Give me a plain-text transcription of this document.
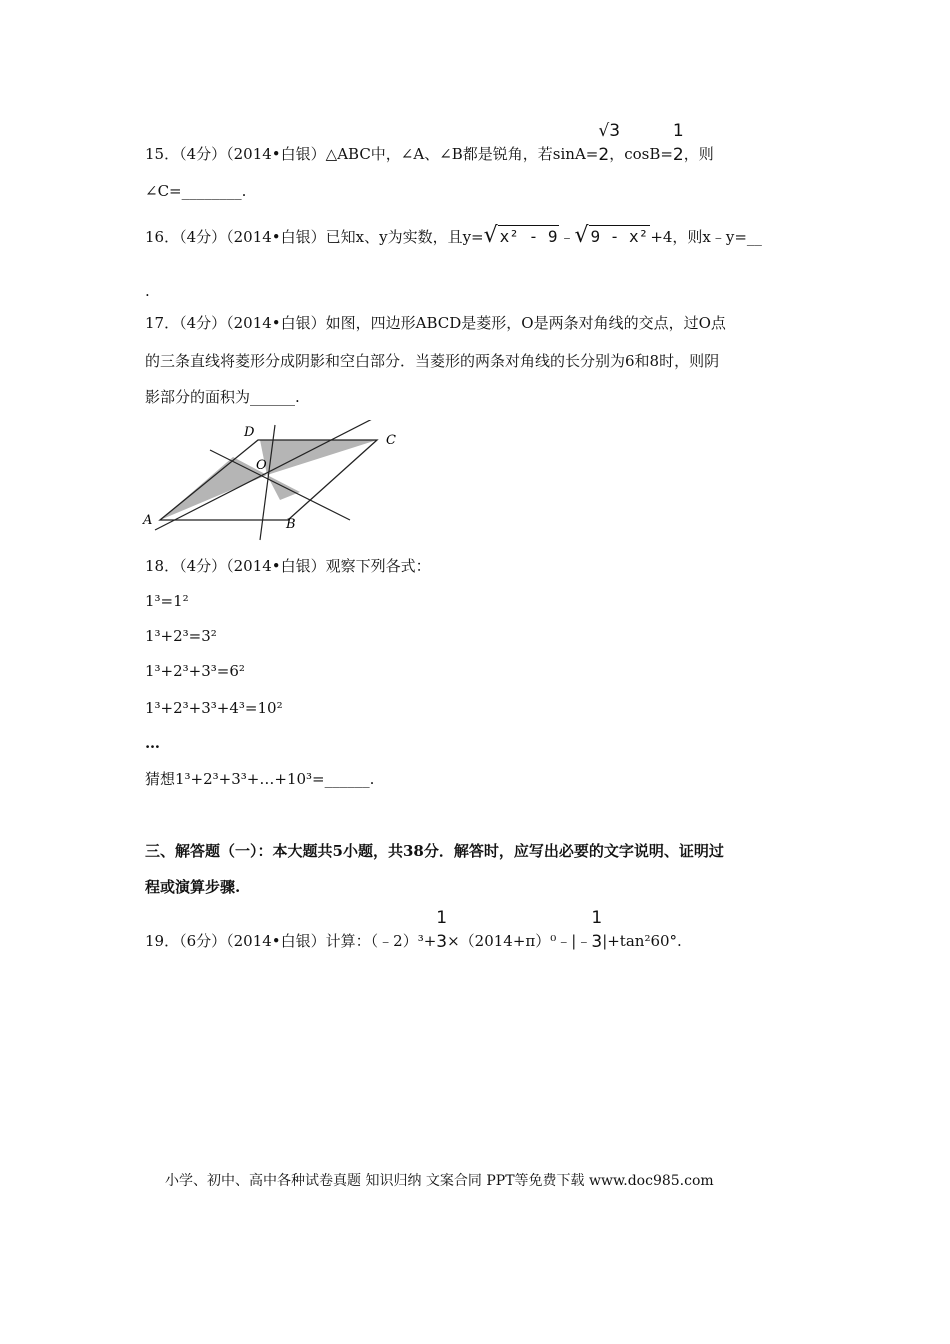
15．（4分）（2014•白银）△ABC中，∠A、∠B都是锐角，若sinA=
√3
2，cosB=
1
2，则
∠C=________.
16．（4分）（2014•白银）已知x、y为实数，且y=√ x² - 9 ﹣√ 9 - x² +4，则x﹣y=__
.
17．（4分）（2014•白银）如图，四边形ABCD是菱形，O是两条对角线的交点，过O点
的三条直线将菱形分成阴影和空白部分．当菱形的两条对角线的长分别为6和8时，则阴
影部分的面积为______.
D
C
O
A	B
18．（4分）（2014•白银）观察下列各式：
1³=1²
1³+2³=3²
1³+2³+3³=6²
1³+2³+3³+4³=10²
…
猜想1³+2³+3³+…+10³=______.
三、解答题（一）：本大题共5小题，共38分．解答时，应写出必要的文字说明、证明过
程或演算步骤.
19．（6分）（2014•白银）计算：（﹣2）³+
1
3×（2014+π）⁰﹣|﹣
1
3|+tan²60°.
小学、初中、高中各种试卷真题 知识归纳 文案合同 PPT等免费下载 www.doc985.com
